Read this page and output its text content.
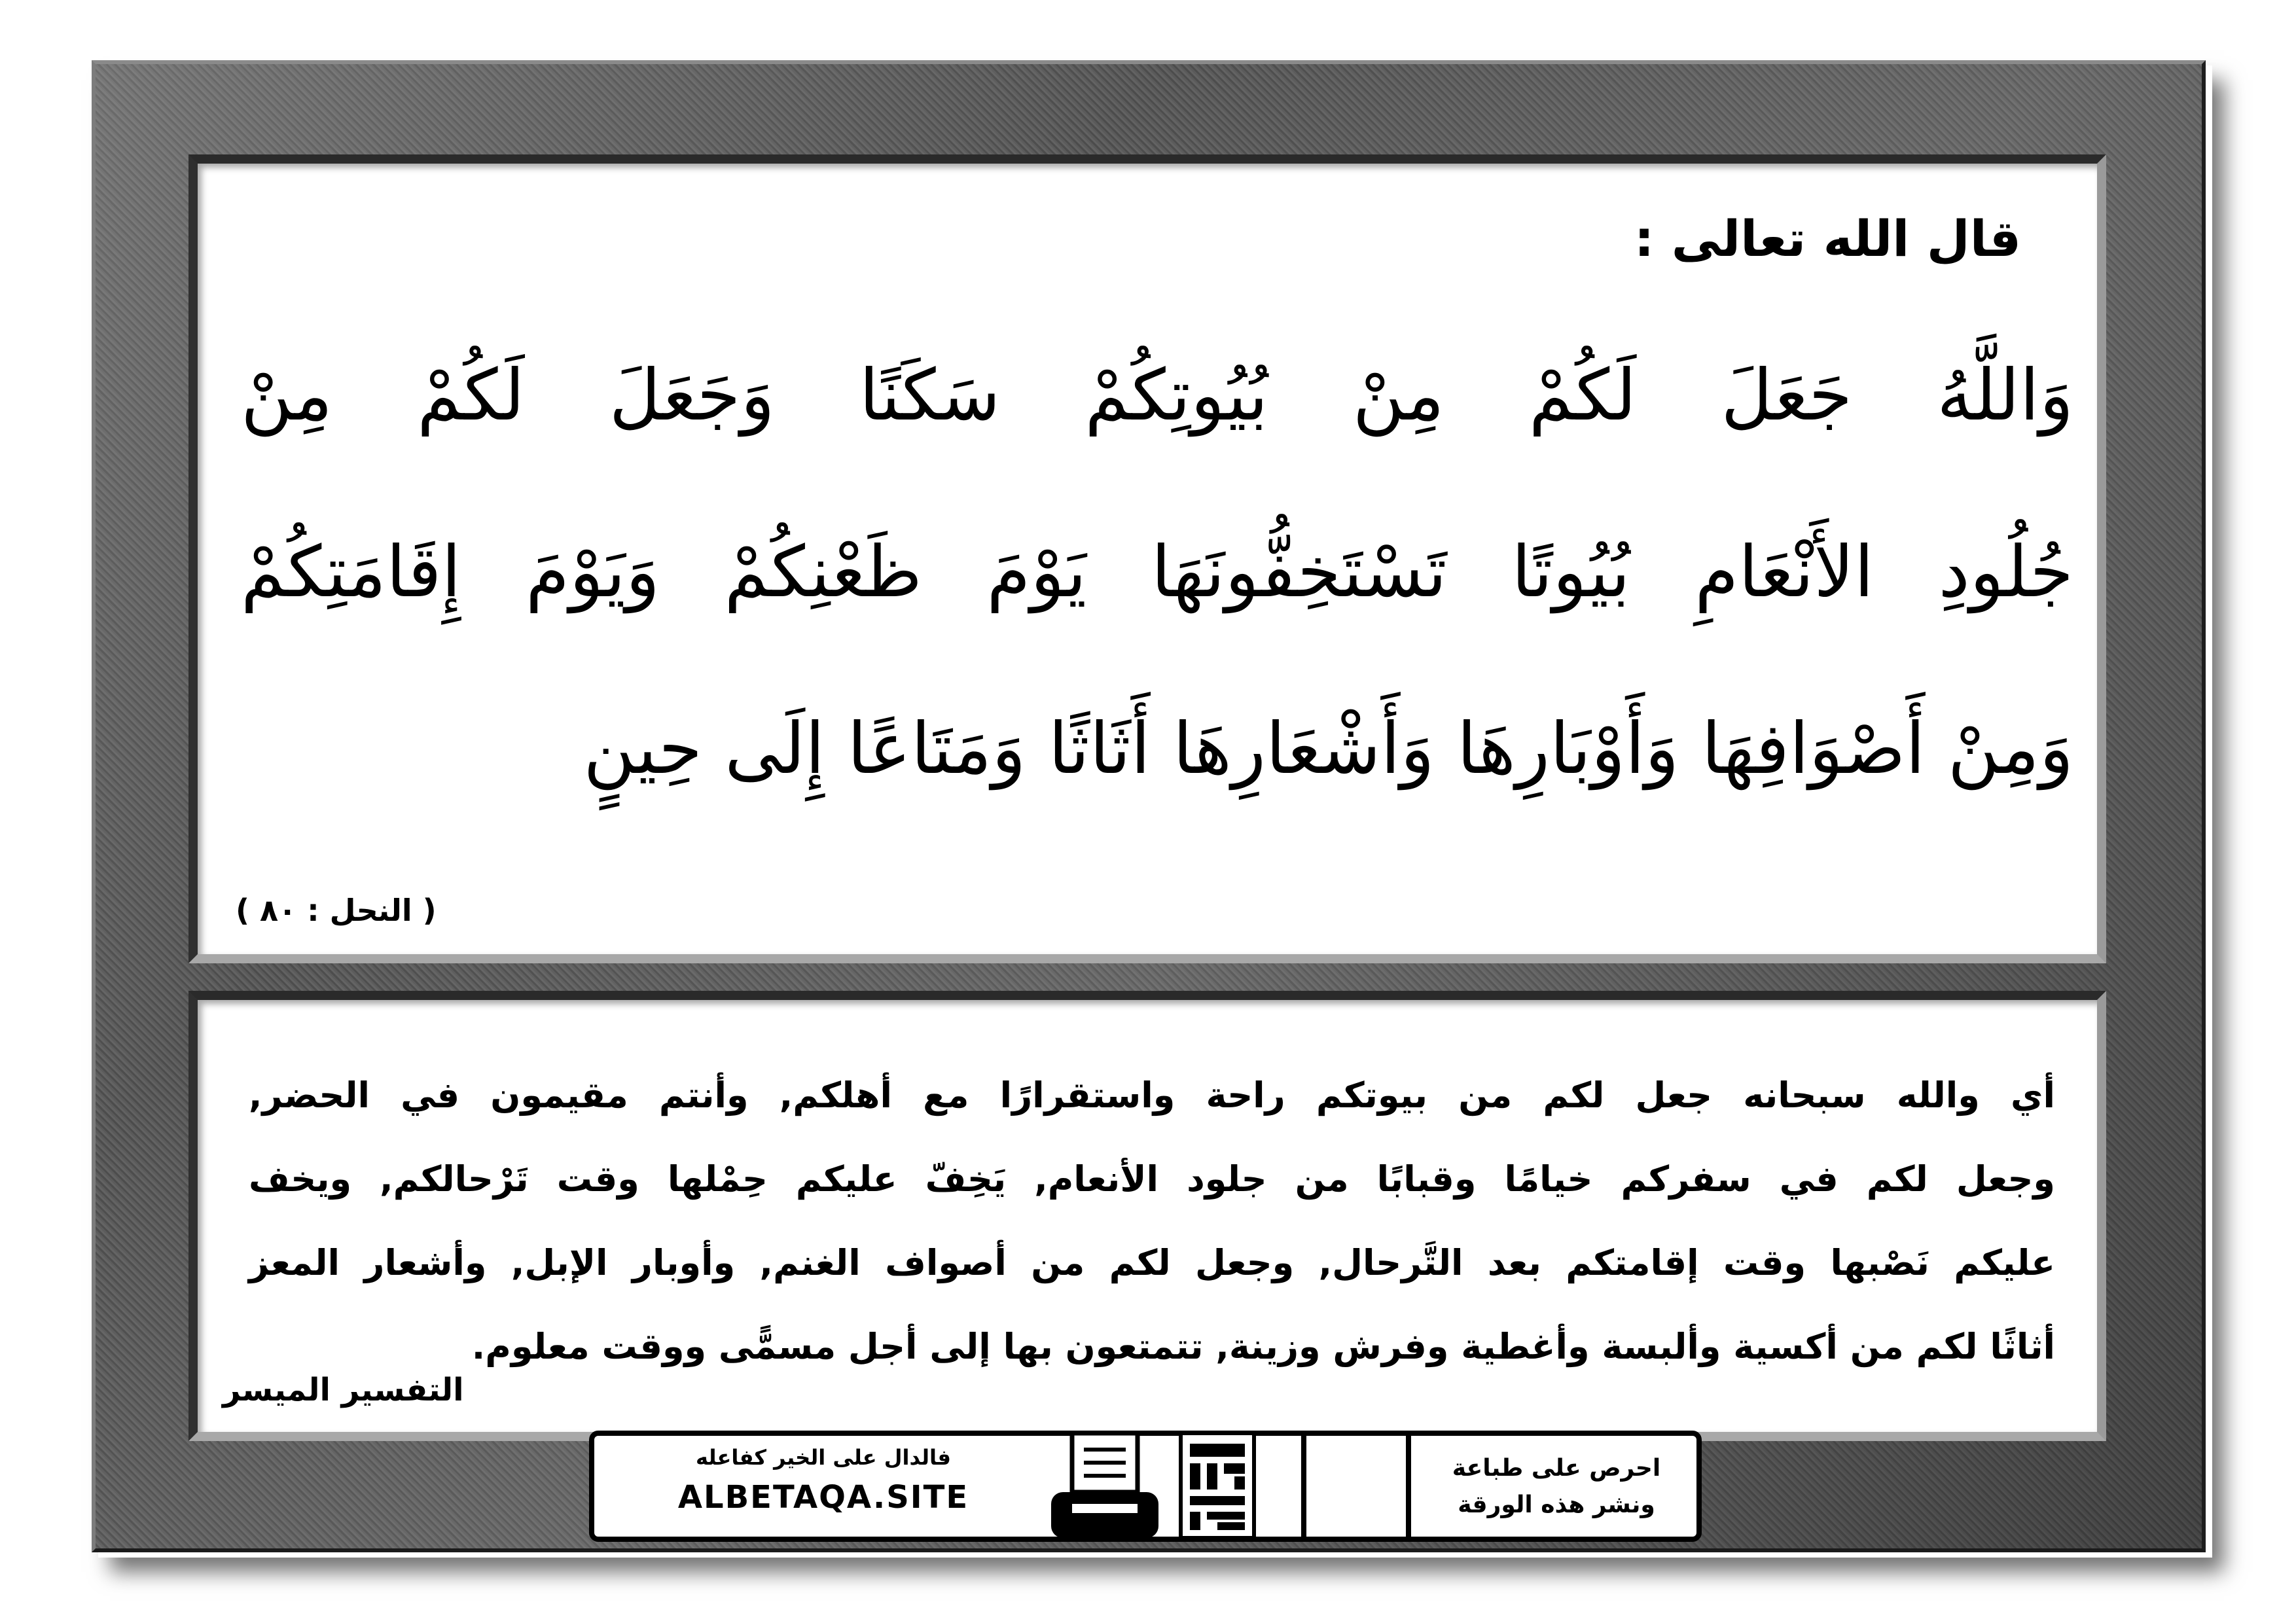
قال الله تعالى :
وَاللَّهُ جَعَلَ لَكُمْ مِنْ بُيُوتِكُمْ سَكَنًا وَجَعَلَ لَكُمْ مِنْ
جُلُودِ الأَنْعَامِ بُيُوتًا تَسْتَخِفُّونَهَا يَوْمَ ظَعْنِكُمْ وَيَوْمَ إِقَامَتِكُمْ
وَمِنْ أَصْوَافِهَا وَأَوْبَارِهَا وَأَشْعَارِهَا أَثَاثًا وَمَتَاعًا إِلَى حِينٍ
( النحل : ٨٠ )
أي والله سبحانه جعل لكم من بيوتكم راحة واستقرارًا مع أهلكم, وأنتم مقيمون في الحضر,
وجعل لكم في سفركم خيامًا وقبابًا من جلود الأنعام, يَخِفّ عليكم حِمْلها وقت تَرْحالكم, ويخف
عليكم نَصْبها وقت إقامتكم بعد التَّرحال, وجعل لكم من أصواف الغنم, وأوبار الإبل, وأشعار المعز
أثاثًا لكم من أكسية وألبسة وأغطية وفرش وزينة, تتمتعون بها إلى أجل مسمًّى ووقت معلوم.
التفسير الميسر
فالدال على الخير كفاعله
ALBETAQA.SITE
احرص على طباعة
ونشر هذه الورقة
